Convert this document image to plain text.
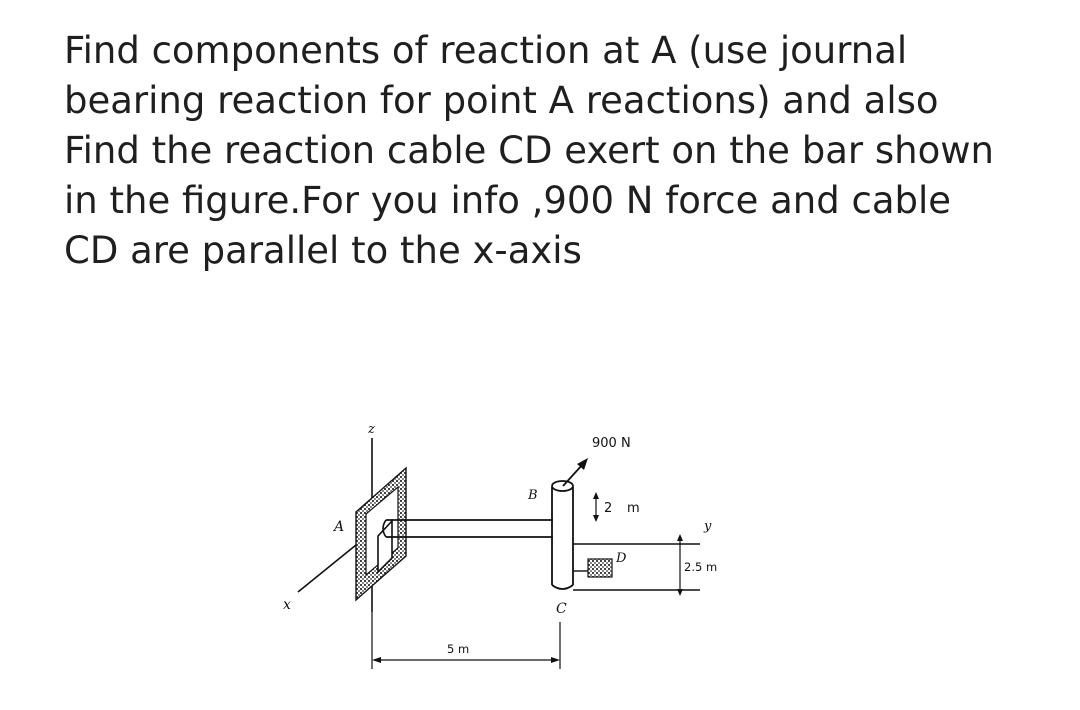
Find components of reaction at A (use journal
bearing reaction for point A reactions) and also
Find the reaction cable CD exert on the bar shown
in the figure.For you info ,900 N force and cable
CD are parallel to the x-axis
z
x
A
B
C
900 N
2 m
D
y
2.5 m
5 m
